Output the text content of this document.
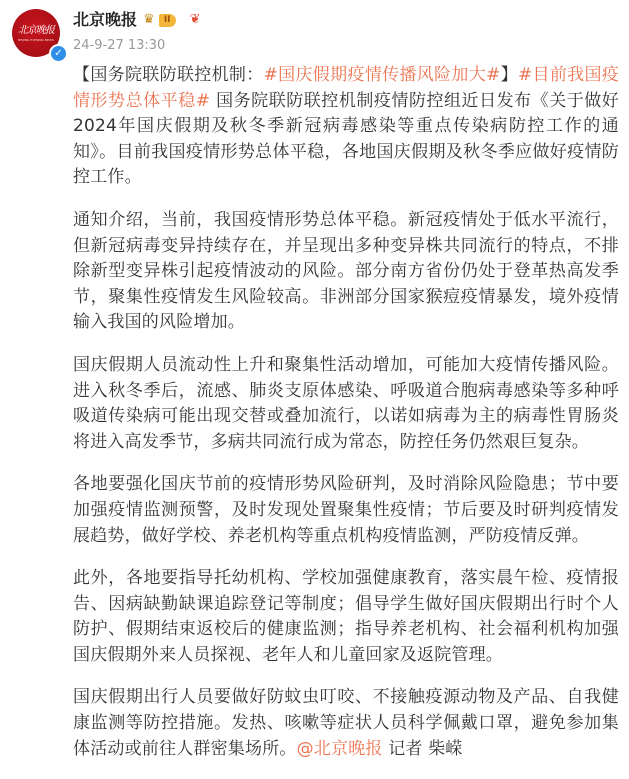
北京晚报
BEIJING EVENING NEWS
✓
北京晚报 ♛	II	❦
24-9-27 13:30

【国务院联防联控机制：#国庆假期疫情传播风险加大#】#目前我国疫情形势总体平稳# 国务院联防联控机制疫情防控组近日发布《关于做好2024年国庆假期及秋冬季新冠病毒感染等重点传染病防控工作的通知》。目前我国疫情形势总体平稳，各地国庆假期及秋冬季应做好疫情防控工作。

通知介绍，当前，我国疫情形势总体平稳。新冠疫情处于低水平流行，但新冠病毒变异持续存在，并呈现出多种变异株共同流行的特点，不排除新型变异株引起疫情波动的风险。部分南方省份仍处于登革热高发季节，聚集性疫情发生风险较高。非洲部分国家猴痘疫情暴发，境外疫情输入我国的风险增加。

国庆假期人员流动性上升和聚集性活动增加，可能加大疫情传播风险。进入秋冬季后，流感、肺炎支原体感染、呼吸道合胞病毒感染等多种呼吸道传染病可能出现交替或叠加流行，以诺如病毒为主的病毒性胃肠炎将进入高发季节，多病共同流行成为常态，防控任务仍然艰巨复杂。

各地要强化国庆节前的疫情形势风险研判，及时消除风险隐患；节中要加强疫情监测预警，及时发现处置聚集性疫情；节后要及时研判疫情发展趋势，做好学校、养老机构等重点机构疫情监测，严防疫情反弹。

此外，各地要指导托幼机构、学校加强健康教育，落实晨午检、疫情报告、因病缺勤缺课追踪登记等制度；倡导学生做好国庆假期出行时个人防护、假期结束返校后的健康监测；指导养老机构、社会福利机构加强国庆假期外来人员探视、老年人和儿童回家及返院管理。

国庆假期出行人员要做好防蚊虫叮咬、不接触疫源动物及产品、自我健康监测等防控措施。发热、咳嗽等症状人员科学佩戴口罩，避免参加集体活动或前往人群密集场所。@北京晚报 记者 柴嵘
